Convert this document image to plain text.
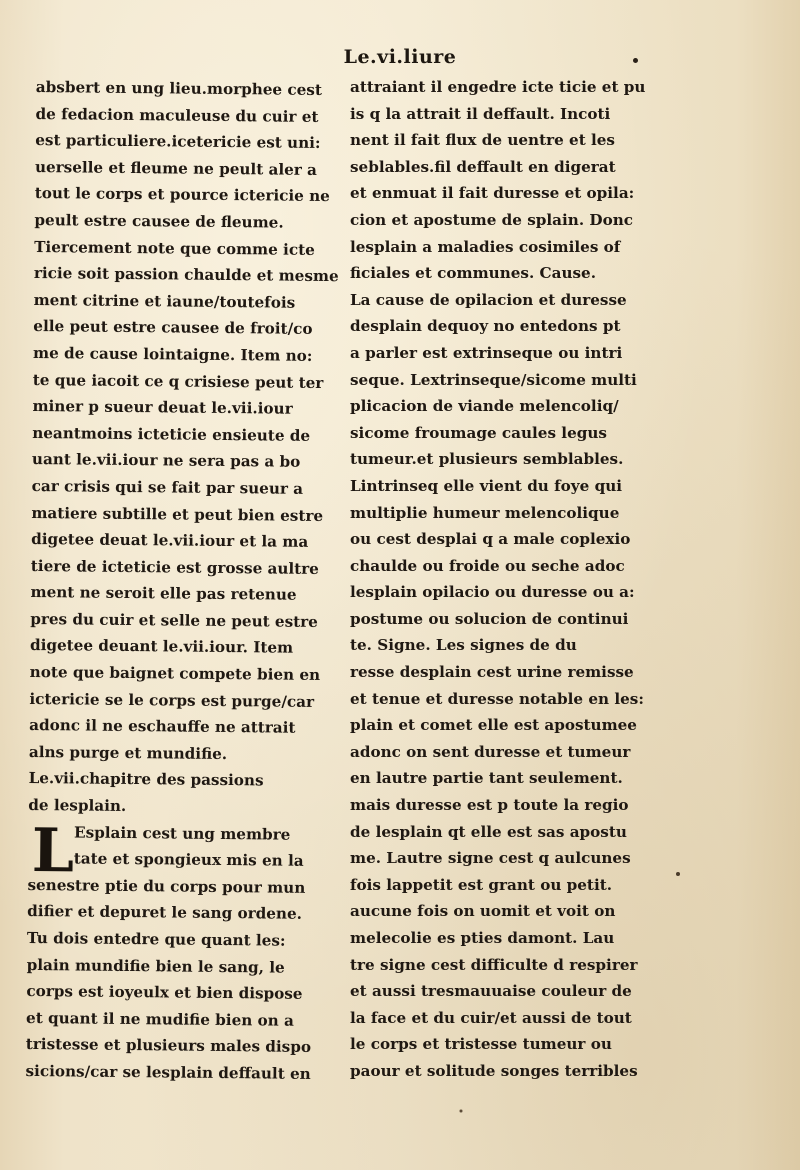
Le.vi.liure
absbert en ung lieu.morphee cest
de fedacion maculeuse du cuir et
est particuliere.icetericie est uni:
uerselle et fleume ne peult aler a
tout le corps et pource ictericie ne
peult estre causee de fleume.
Tiercement note que comme icte
ricie soit passion chaulde et mesme
ment citrine et iaune/toutefois
elle peut estre causee de froit/co
me de cause lointaigne. Item no:
te que iacoit ce q crisiese peut ter
miner p sueur deuat le.vii.iour
neantmoins icteticie ensieute de
uant le.vii.iour ne sera pas a bo
car crisis qui se fait par sueur a
matiere subtille et peut bien estre
digetee deuat le.vii.iour et la ma
tiere de icteticie est grosse aultre
ment ne seroit elle pas retenue
pres du cuir et selle ne peut estre
digetee deuant le.vii.iour. Item
note que baignet compete bien en
ictericie se le corps est purge/car
adonc il ne eschauffe ne attrait
alns purge et mundifie.
Le.vii.chapitre des passions
de lesplain.
Esplain cest ung membre
tate et spongieux mis en la
senestre ptie du corps pour mun
difier et depuret le sang ordene.
Tu dois entedre que quant les:
plain mundifie bien le sang, le
corps est ioyeulx et bien dispose
et quant il ne mudifie bien on a
tristesse et plusieurs males dispo
sicions/car se lesplain deffault en
L
attraiant il engedre icte ticie et pu
is q la attrait il deffault. Incoti
nent il fait flux de uentre et les
seblables.fil deffault en digerat
et enmuat il fait duresse et opila:
cion et apostume de splain. Donc
lesplain a maladies cosimiles of
ficiales et communes. Cause.
La cause de opilacion et duresse
desplain dequoy no entedons pt
a parler est extrinseque ou intri
seque. Lextrinseque/sicome multi
plicacion de viande melencoliq/
sicome froumage caules legus
tumeur.et plusieurs semblables.
Lintrinseq elle vient du foye qui
multiplie humeur melencolique
ou cest desplai q a male coplexio
chaulde ou froide ou seche adoc
lesplain opilacio ou duresse ou a:
postume ou solucion de continui
te. Signe. Les signes de du
resse desplain cest urine remisse
et tenue et duresse notable en les:
plain et comet elle est apostumee
adonc on sent duresse et tumeur
en lautre partie tant seulement.
mais duresse est p toute la regio
de lesplain qt elle est sas apostu
me. Lautre signe cest q aulcunes
fois lappetit est grant ou petit.
aucune fois on uomit et voit on
melecolie es pties damont. Lau
tre signe cest difficulte d respirer
et aussi tresmauuaise couleur de
la face et du cuir/et aussi de tout
le corps et tristesse tumeur ou
paour et solitude songes terribles
